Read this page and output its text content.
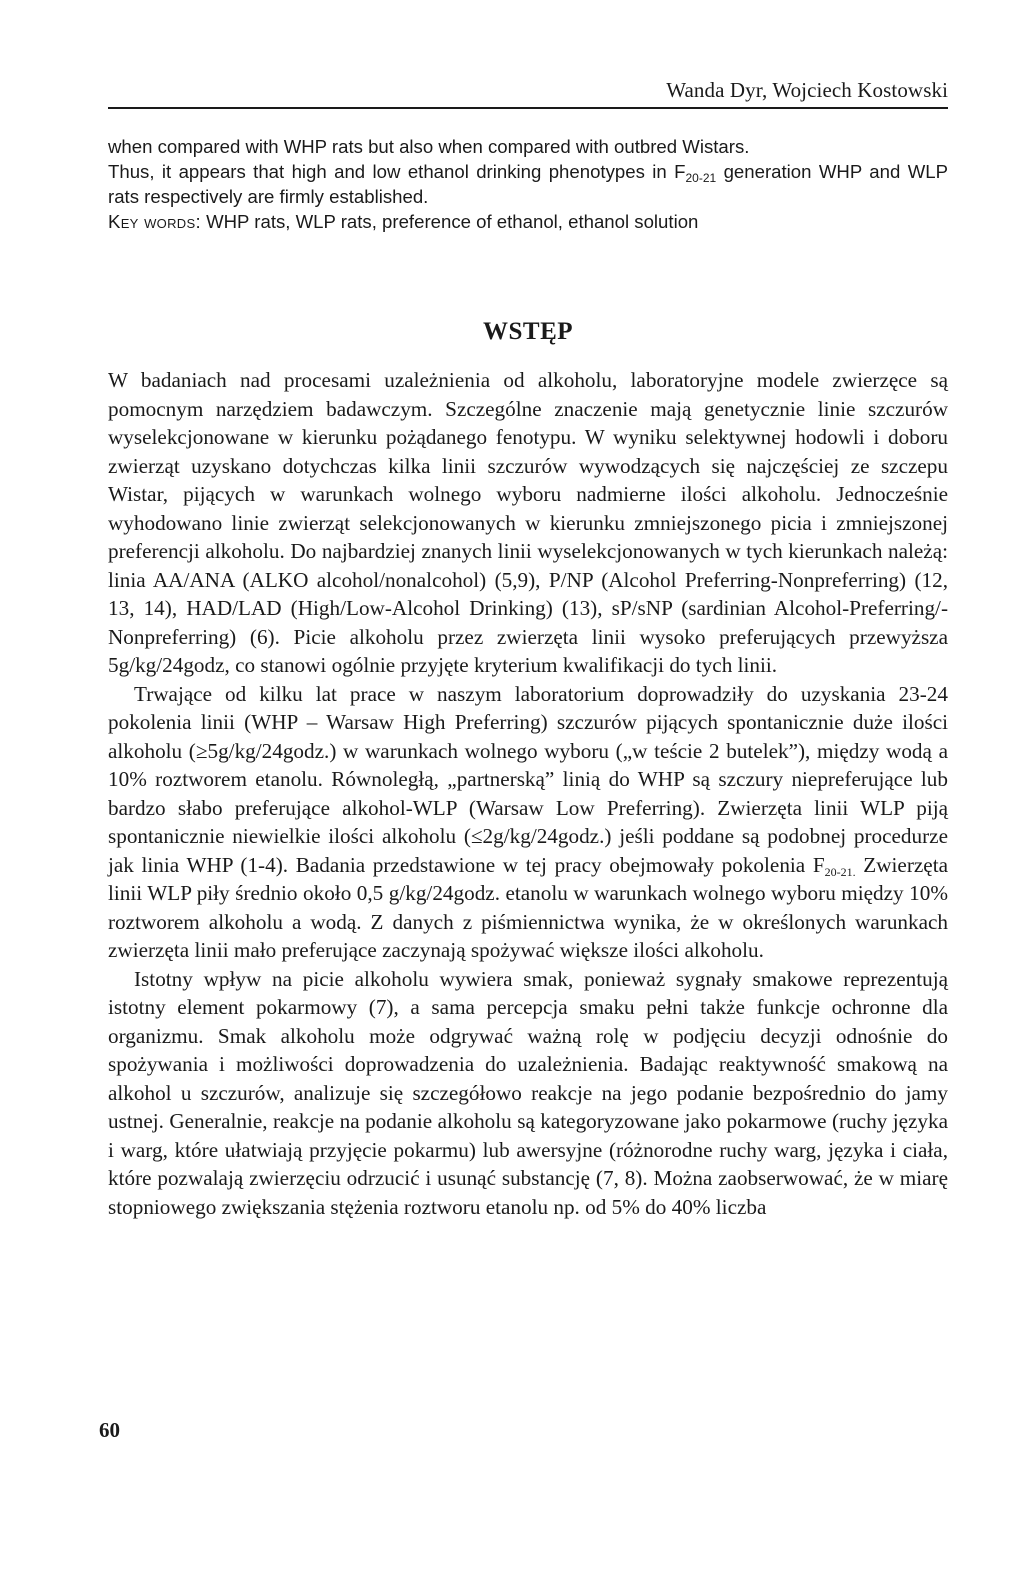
Wanda Dyr, Wojciech Kostowski

when compared with WHP rats but also when compared with outbred Wistars.

Thus, it appears that high and low ethanol drinking phenotypes in $F_{20-21}$ generation WHP and WLP rats respectively are firmly established.

Key words: WHP rats, WLP rats, preference of ethanol, ethanol solution

WSTĘP

W badaniach nad procesami uzależnienia od alkoholu, laboratoryjne modele zwierzęce są pomocnym narzędziem badawczym. Szczególne znaczenie mają genetycznie linie szczurów wyselekcjonowane w kierunku pożądanego fenotypu. W wyniku selektywnej hodowli i doboru zwierząt uzyskano dotychczas kilka linii szczurów wywodzących się najczęściej ze szczepu Wistar, pijących w warunkach wolnego wyboru nadmierne ilości alkoholu. Jednocześnie wyhodowano linie zwierząt selekcjonowanych w kierunku zmniejszonego picia i zmniejszonej preferencji alkoholu. Do najbardziej znanych linii wyselekcjonowanych w tych kierunkach należą: linia AA/ANA (ALKO alcohol/nonalcohol) (5,9), P/NP (Alcohol Preferring-Nonpreferring) (12, 13, 14), HAD/LAD (High/Low-Alcohol Drinking) (13), sP/sNP (sardinian Alcohol-Preferring/-Nonpreferring) (6). Picie alkoholu przez zwierzęta linii wysoko preferujących przewyższa 5g/kg/24godz, co stanowi ogólnie przyjęte kryterium kwalifikacji do tych linii.

Trwające od kilku lat prace w naszym laboratorium doprowadziły do uzyskania 23-24 pokolenia linii (WHP – Warsaw High Preferring) szczurów pijących spontanicznie duże ilości alkoholu (≥5g/kg/24godz.) w warunkach wolnego wyboru („w teście 2 butelek”), między wodą a 10% roztworem etanolu. Równoległą, „partnerską” linią do WHP są szczury niepreferujące lub bardzo słabo preferujące alkohol-WLP (Warsaw Low Preferring). Zwierzęta linii WLP piją spontanicznie niewielkie ilości alkoholu (≤2g/kg/24godz.) jeśli poddane są podobnej procedurze jak linia WHP (1-4). Badania przedstawione w tej pracy obejmowały pokolenia $F_{20-21.}$ Zwierzęta linii WLP piły średnio około 0,5 g/kg/24godz. etanolu w warunkach wolnego wyboru między 10% roztworem alkoholu a wodą. Z danych z piśmiennictwa wynika, że w określonych warunkach zwierzęta linii mało preferujące zaczynają spożywać większe ilości alkoholu.

Istotny wpływ na picie alkoholu wywiera smak, ponieważ sygnały smakowe reprezentują istotny element pokarmowy (7), a sama percepcja smaku pełni także funkcje ochronne dla organizmu. Smak alkoholu może odgrywać ważną rolę w podjęciu decyzji odnośnie do spożywania i możliwości doprowadzenia do uzależnienia. Badając reaktywność smakową na alkohol u szczurów, analizuje się szczegółowo reakcje na jego podanie bezpośrednio do jamy ustnej. Generalnie, reakcje na podanie alkoholu są kategoryzowane jako pokarmowe (ruchy języka i warg, które ułatwiają przyjęcie pokarmu) lub awersyjne (różnorodne ruchy warg, języka i ciała, które pozwalają zwierzęciu odrzucić i usunąć substancję (7, 8). Można zaobserwować, że w miarę stopniowego zwiększania stężenia roztworu etanolu np. od 5% do 40% liczba

60
